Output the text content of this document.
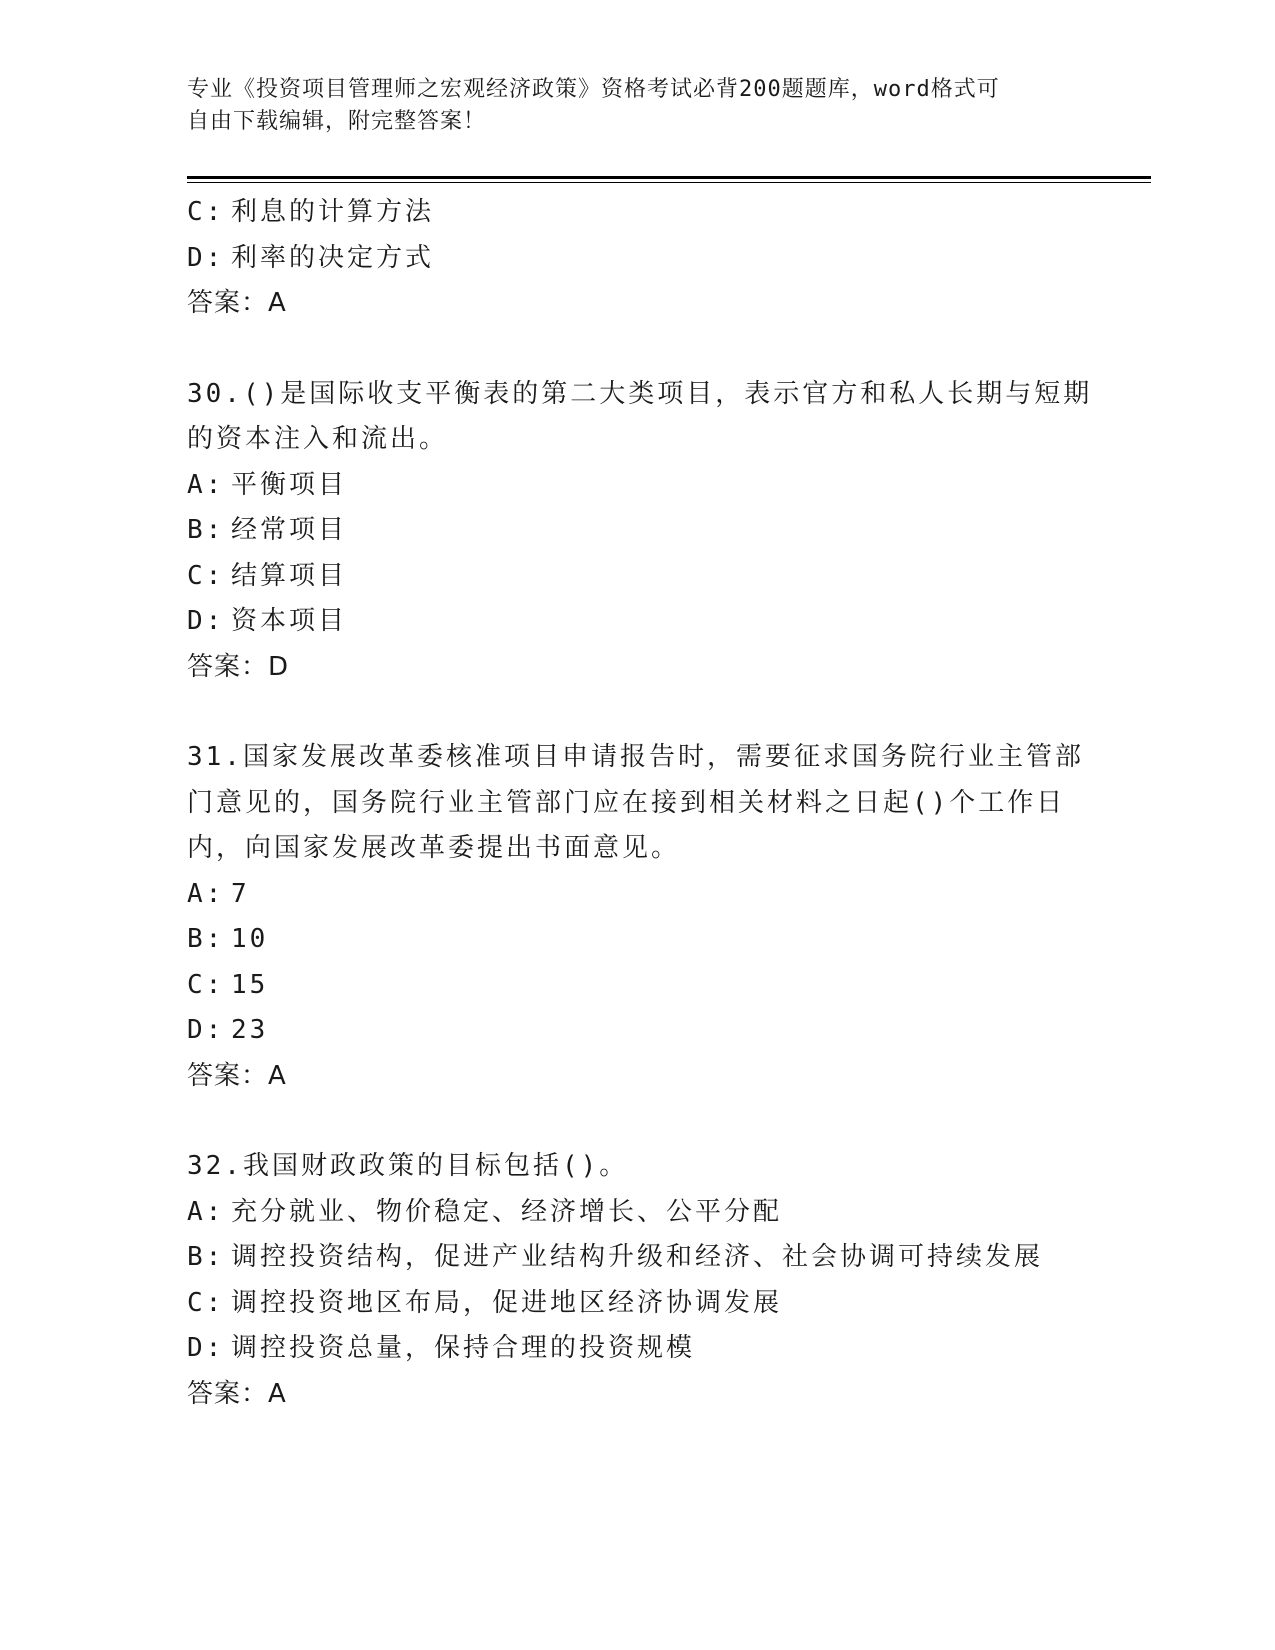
专业《投资项目管理师之宏观经济政策》资格考试必背200题题库，word格式可
自由下载编辑，附完整答案！
C: 利息的计算方法
D: 利率的决定方式
答案：A
30.()是国际收支平衡表的第二大类项目，表示官方和私人长期与短期
的资本注入和流出。
A: 平衡项目
B: 经常项目
C: 结算项目
D: 资本项目
答案：D
31.国家发展改革委核准项目申请报告时，需要征求国务院行业主管部
门意见的，国务院行业主管部门应在接到相关材料之日起()个工作日
内，向国家发展改革委提出书面意见。
A: 7
B: 10
C: 15
D: 23
答案：A
32.我国财政政策的目标包括()。
A: 充分就业、物价稳定、经济增长、公平分配
B: 调控投资结构，促进产业结构升级和经济、社会协调可持续发展
C: 调控投资地区布局，促进地区经济协调发展
D: 调控投资总量，保持合理的投资规模
答案：A
